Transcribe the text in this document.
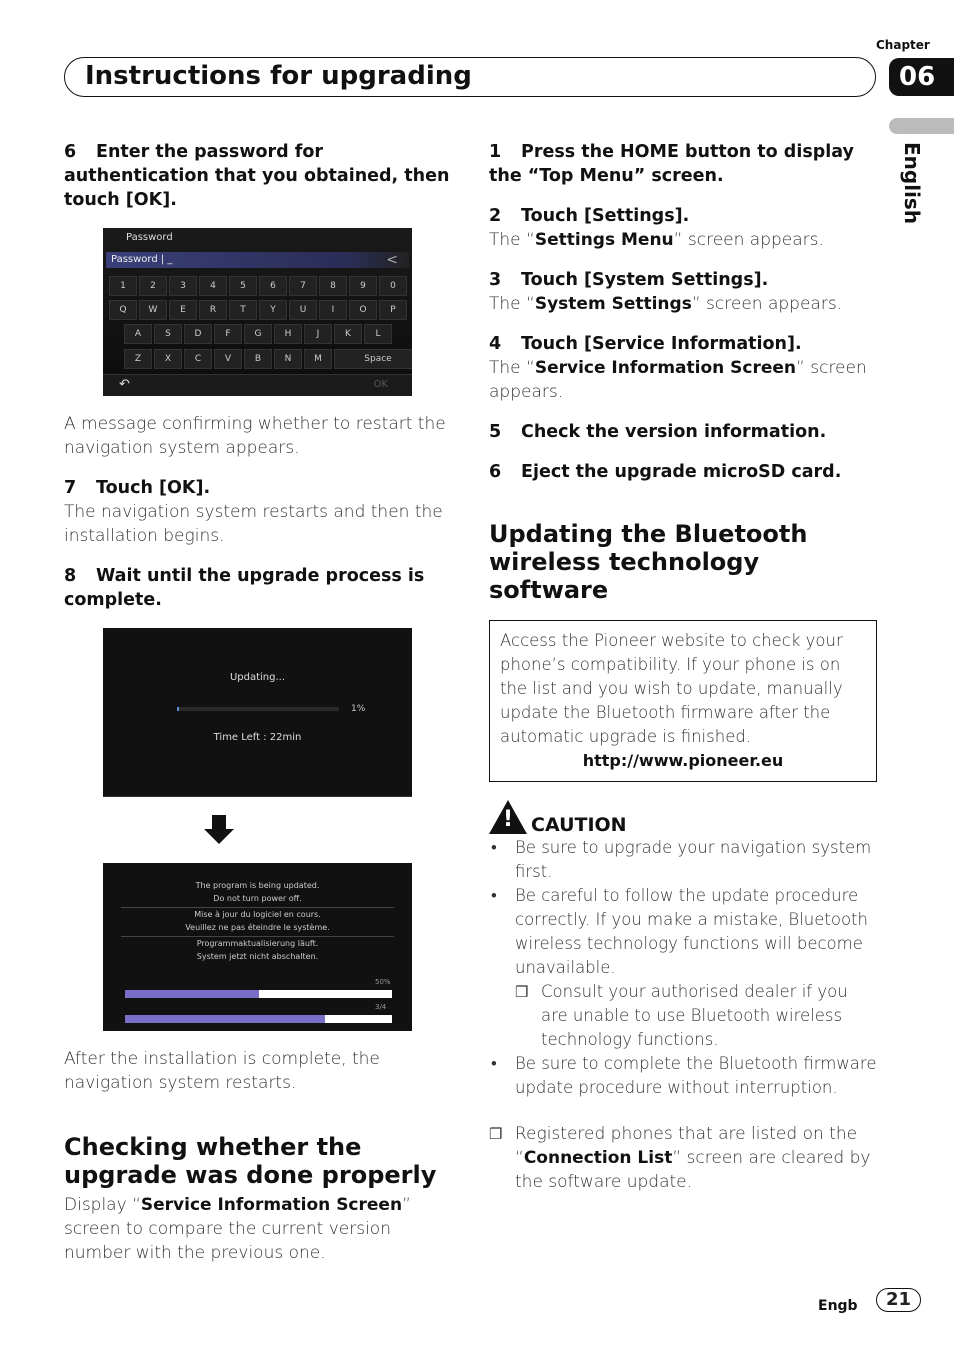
Chapter
06
Instructions for upgrading
English
6 Enter the password for authentication that you obtained, then touch [OK].
Password
Password | _	<
1	2	3	4	5	6	7	8	9	0
Q	W	E	R	T	Y	U	I	O	P
A	S	D	F	G	H	J	K	L
Z	X	C	V	B	N	M	Space
↶	OK
A message confirming whether to restart the navigation system appears.
7 Touch [OK].
The navigation system restarts and then the installation begins.
8 Wait until the upgrade process is complete.
Updating...
1%
Time Left : 22min
The program is being updated.
Do not turn power off.
Mise à jour du logiciel en cours.
Veuillez ne pas éteindre le système.
Programmaktualisierung läuft.
System jetzt nicht abschalten.
50%
3/4
After the installation is complete, the navigation system restarts.
Checking whether the upgrade was done properly
Display “Service Information Screen” screen to compare the current version number with the previous one.
1 Press the HOME button to display the “Top Menu” screen.
2 Touch [Settings].
The “Settings Menu” screen appears.
3 Touch [System Settings].
The “System Settings” screen appears.
4 Touch [Service Information].
The “Service Information Screen” screen appears.
5 Check the version information.
6 Eject the upgrade microSD card.
Updating the Bluetooth wireless technology software
Access the Pioneer website to check your phone’s compatibility. If your phone is on the list and you wish to update, manually update the Bluetooth firmware after the automatic upgrade is finished.
http://www.pioneer.eu
! CAUTION
• Be sure to upgrade your navigation system first.
• Be careful to follow the update procedure correctly. If you make a mistake, Bluetooth wireless technology functions will become unavailable.
❒ Consult your authorised dealer if you are unable to use Bluetooth wireless technology functions.
• Be sure to complete the Bluetooth firmware update procedure without interruption.
❒ Registered phones that are listed on the “Connection List” screen are cleared by the software update.
Engb	21
